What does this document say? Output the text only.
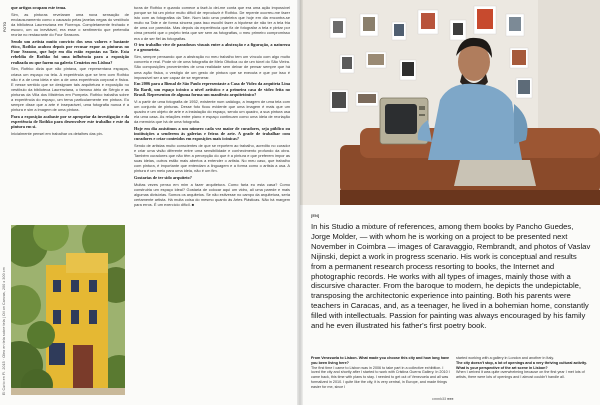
El Curio en Fl. 2015 · Oleo en tela sobre tela | Oil on Canvas, 200 x 300 cm
FOTO

que artigos ocupam este tema.

Sim, as pinturas revelaram uma nova sensação de enclausuramento como o causado pelas janelas negas do vestíbulo da biblioteca Laurenziana em Florença. Completamente fechado e escuro, um ou inevitável, era esse o sentimento que pretendia recriar no restaurante do Four Seasons.

Sendo um artista muito convicto dos seus valores e bastante ético, Rothko acabou depois por recusar expor as pinturas no Four Seasons, que hoje em dia estão expostas na Tate. Esta rebeldia de Rothko foi uma influência para a exposição realizada ou que fazem na galeria Cenários em Lisboa?

Sim, Rothko dizia que não pintava, que representava espaços, criava um espaço na tela. A experiência que se tem com Rothko não é a de uma ideia e sim a de uma experiência corporal e física. E nesse sentido que se designam tais arquitetura e exposição no vestíbulo da biblioteca Laurenziana, o famoso átrio de Sérgio e as pinturas da Villa dos Mistérios em Pompeia. Rothko trabalha sobre a experiência do espaço, um tema particularmente em pintura. Eu sempre disse que a arte é inseparável, uma fotografia nunca é a pintura e sim a imagem de uma pintura.

Para a exposição acabaste por se apropriar da investigação e da experiência de Rothko para desenvolver este trabalho e este da pintura em si.

Inicialmente pensei em trabalhar os detalhes das pin-

turas de Rothko e quando comece a fazê-lo dei-me conta que era uma ação impossível porque se há um pintor muito difícil de reproduzir é Rothko. De repente ocorreu-me fazer isto com as fotografias da Tate. Num lado uma prateleira que hoje em dia encontra-se muito na Tate e de forma sincera para isso escolhi fazer a hipotese de não ter a tela fria de uma cor parecida. Mas depois da experiência que fiz de fotografar a tela e pintar por cima percebi que o projeto teria que ser sem as fotografias, o meu primeiro compromisso era o de ser fiel às fotografias.

O teu trabalho vive de paradoxos visuais entre a abstração e a figuração, a natureza e a geometria.

Sim, sempre pensando que a abstração no meu trabalho tem um vínculo com algo muito concreto e real. Pode vir de uma fotografia de Melo Ottolica ou de um túnel do São Vieira. São composições provenientes de uma realidade sem deixar de pensar sempre que há uma ação física, o vestígio de um gesto de pintura que se executa e que por isso é impossível ser a ser capaz de se regenerar.

Em 2006 para a Bienal de São Paulo representaste a Casa de Vidro da arquiteta Lina Bo Bardi, um espaço icónico a nível artístico e a primeira casa de vidro feita no Brasil. Representou de alguma forma um manifesto arquitetónico?

Vi a partir de uma fotografia de 1952, existente num catálogo, a imagem de uma tela com um conjunto de pinturas. Desse foto ficou evidente que uma imagem é mais que um quadro e um objeto de arte e a instalação do espaço, sendo um quadro, a sua pintura usa ela uma casa. As relações entre plano e espaço continuam como uma ideia de recriação da memória que há de uma fotografia.

Hoje em dia assistimos a um número cada vez maior de curadores, seja público ou instituições a senderem às galerias e feiras de arte. A grade de trabalhar com curadores e criar conteúdos em exposições mais icónicas?

Sendo de artistas muito conscientes de que se reportem ao trabalho, acredito no curador e criar uma visão diferente entre uma sensibilidade e conhecimento profundo da obra. Também curadores que não têm a percepção do que é a pintura e que preferem impor as suas ideias, outros estão mais abertos a entender o artista. No meu caso, que trabalho com pintura, é importante que entendam a linguagem e a forma como o artista a usa. A pintura é um meio para uma ideia, não é um fim.

Gostarias de ter sido arquiteto?

Muitas vezes penso em mim a fazer arquitetura. Como faria eu esta casa? Como construiria um espaço ideal? Gostaria de colocar aqui um vidro, ali uma parede e mais algumas divisórias. Somos os arquitetos. Se não estivesse no campo da arquitetura, seria certamente artista. Há muita coisa do mesmo quanto às Artes Plásticas. Não há margem para erros. É um exercício difícil. ■

[EN]
In his Studio a mixture of references, among them books by Pancho Guedes, Jorge Molder, — with whom he is working on a project to be presented next November in Coimbra — images of Caravaggio, Rembrandt, and photos of Vaslav Nijinski, depict a work in progress scenario. His work is conceptual and results from a permanent research process resorting to books, the Internet and photographic records. He works with all types of images, mainly those with a discursive character. From the baroque to modern, he depicts the undepictable, transposing the architectonic experience into painting. Both his parents were teachers in Caracas, and, as a teenager, he lived in a bohemian home, constantly filled with intellectuals. Passion for painting was always encouraged by his family and he even illustrated his father's first poetry book.

From Venezuela to Lisbon. What made you choose this city and how long have you been living here?

The first time I came to Lisbon was in 2006 to take part in a collective exhibition. I loved the city and shortly after I started to work with Cristina Guerra Gallery. In 2010 I came back, this time with plans to stay. I needed to get out of Venezuela and all was formalized in 2010. I quite like the city, it is very central, in Europe, and made things easier for me, since I

started working with a gallery in London and another in Italy.

The city doesn't stop, a lot of openings and a very thriving cultural activity. What is your perspective of the art scene in Lisbon?

When I arrived it was quite overwhelming because on the first year I met lots of artists, there were lots of openings and I almost couldn't handle all.

cmmk33 ■■■
